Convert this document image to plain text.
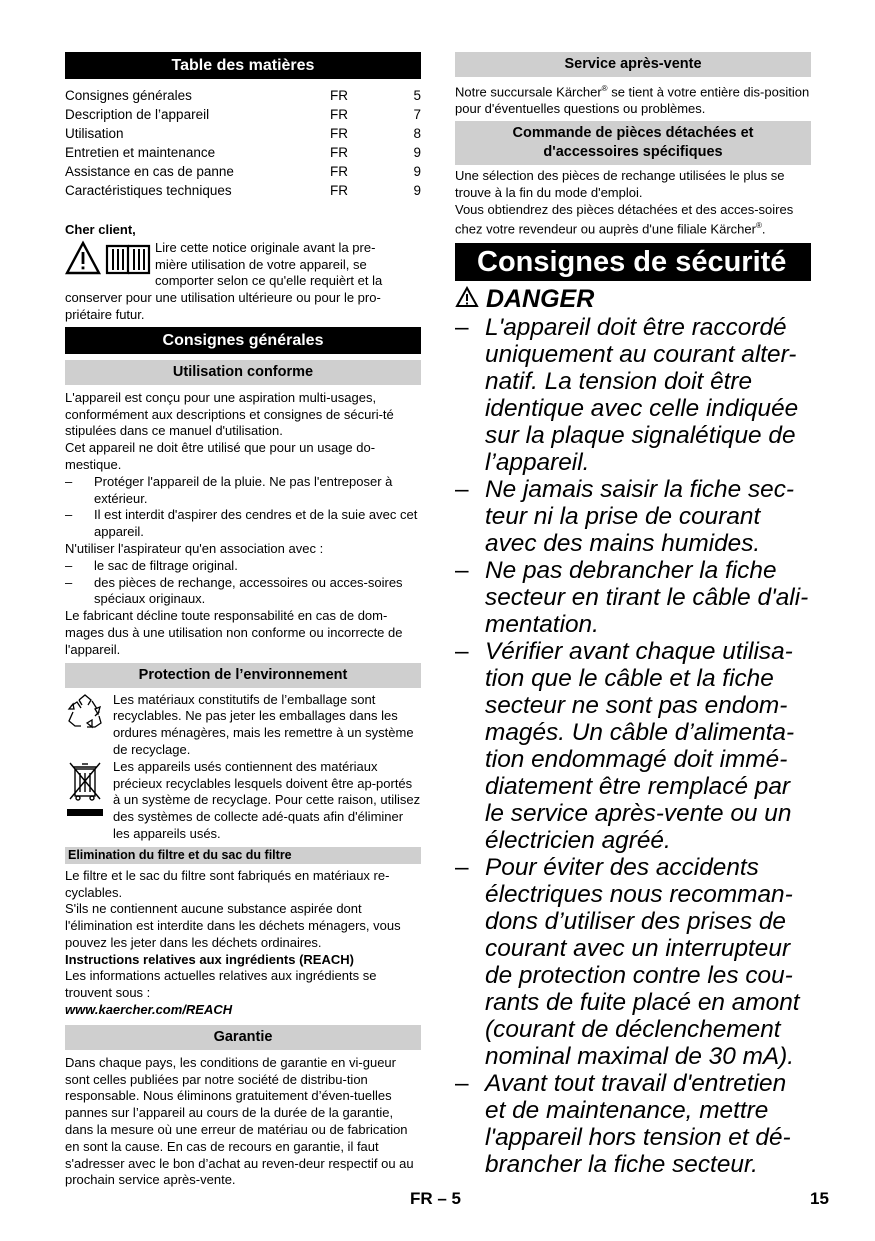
Table des matières
Consignes générales	FR	5
Description de l’appareil	FR	7
Utilisation	FR	8
Entretien et maintenance	FR	9
Assistance en cas de panne	FR	9
Caractéristiques techniques	FR	9

Cher client,

Lire cette notice originale avant la pre-

mière utilisation de votre appareil, se

comporter selon ce qu'elle requièrt et la

conserver pour une utilisation ultérieure ou pour le pro-

priétaire futur.

Consignes générales
Utilisation conforme

L'appareil est conçu pour une aspiration multi-usages, conformément aux descriptions et consignes de sécuri-té stipulées dans ce manuel d'utilisation.

Cet appareil ne doit être utilisé que pour un usage do-mestique.

–	Protéger l'appareil de la pluie. Ne pas l'entreposer à extérieur.
–	Il est interdit d'aspirer des cendres et de la suie avec cet appareil.

N'utiliser l'aspirateur qu'en association avec :

–	le sac de filtrage original.
–	des pièces de rechange, accessoires ou acces-soires spéciaux originaux.

Le fabricant décline toute responsabilité en cas de dom-mages dus à une utilisation non conforme ou incorrecte de l'appareil.

Protection de l’environnement

Les matériaux constitutifs de l’emballage sont recyclables. Ne pas jeter les emballages dans les ordures ménagères, mais les remettre à un système de recyclage.

Les appareils usés contiennent des matériaux précieux recyclables lesquels doivent être ap-portés à un système de recyclage. Pour cette raison, utilisez des systèmes de collecte adé-quats afin d'éliminer les appareils usés.

Elimination du filtre et du sac du filtre

Le filtre et le sac du filtre sont fabriqués en matériaux re-cyclables.

S'ils ne contiennent aucune substance aspirée dont l'élimination est interdite dans les déchets ménagers, vous pouvez les jeter dans les déchets ordinaires.

Instructions relatives aux ingrédients (REACH)

Les informations actuelles relatives aux ingrédients se trouvent sous :

www.kaercher.com/REACH

Garantie

Dans chaque pays, les conditions de garantie en vi-gueur sont celles publiées par notre société de distribu-tion responsable. Nous éliminons gratuitement d’éven-tuelles pannes sur l’appareil au cours de la durée de la garantie, dans la mesure où une erreur de matériau ou de fabrication en sont la cause. En cas de recours en garantie, il faut s'adresser avec le bon d’achat au reven-deur respectif ou au prochain service après-vente.

Service après-vente

Notre succursale Kärcher® se tient à votre entière dis-position pour d'éventuelles questions ou problèmes.

Commande de pièces détachées et
d'accessoires spécifiques

Une sélection des pièces de rechange utilisées le plus se trouve à la fin du mode d'emploi.

Vous obtiendrez des pièces détachées et des acces-soires chez votre revendeur ou auprès d'une filiale Kärcher®.

Consignes de sécurité
DANGER
– L'appareil doit être raccordé uniquement au courant alter-natif. La tension doit être identique avec celle indiquée sur la plaque signalétique de l’appareil.
– Ne jamais saisir la fiche sec-teur ni la prise de courant avec des mains humides.
– Ne pas debrancher la fiche secteur en tirant le câble d'ali-mentation.
– Vérifier avant chaque utilisa-tion que le câble et la fiche secteur ne sont pas endom-magés. Un câble d’alimenta-tion endommagé doit immé-diatement être remplacé par le service après-vente ou un électricien agréé.
– Pour éviter des accidents électriques nous recomman-dons d’utiliser des prises de courant avec un interrupteur de protection contre les cou-rants de fuite placé en amont (courant de déclenchement nominal maximal de 30 mA).
– Avant tout travail d'entretien et de maintenance, mettre l'appareil hors tension et dé-brancher la fiche secteur.
FR – 5	15
